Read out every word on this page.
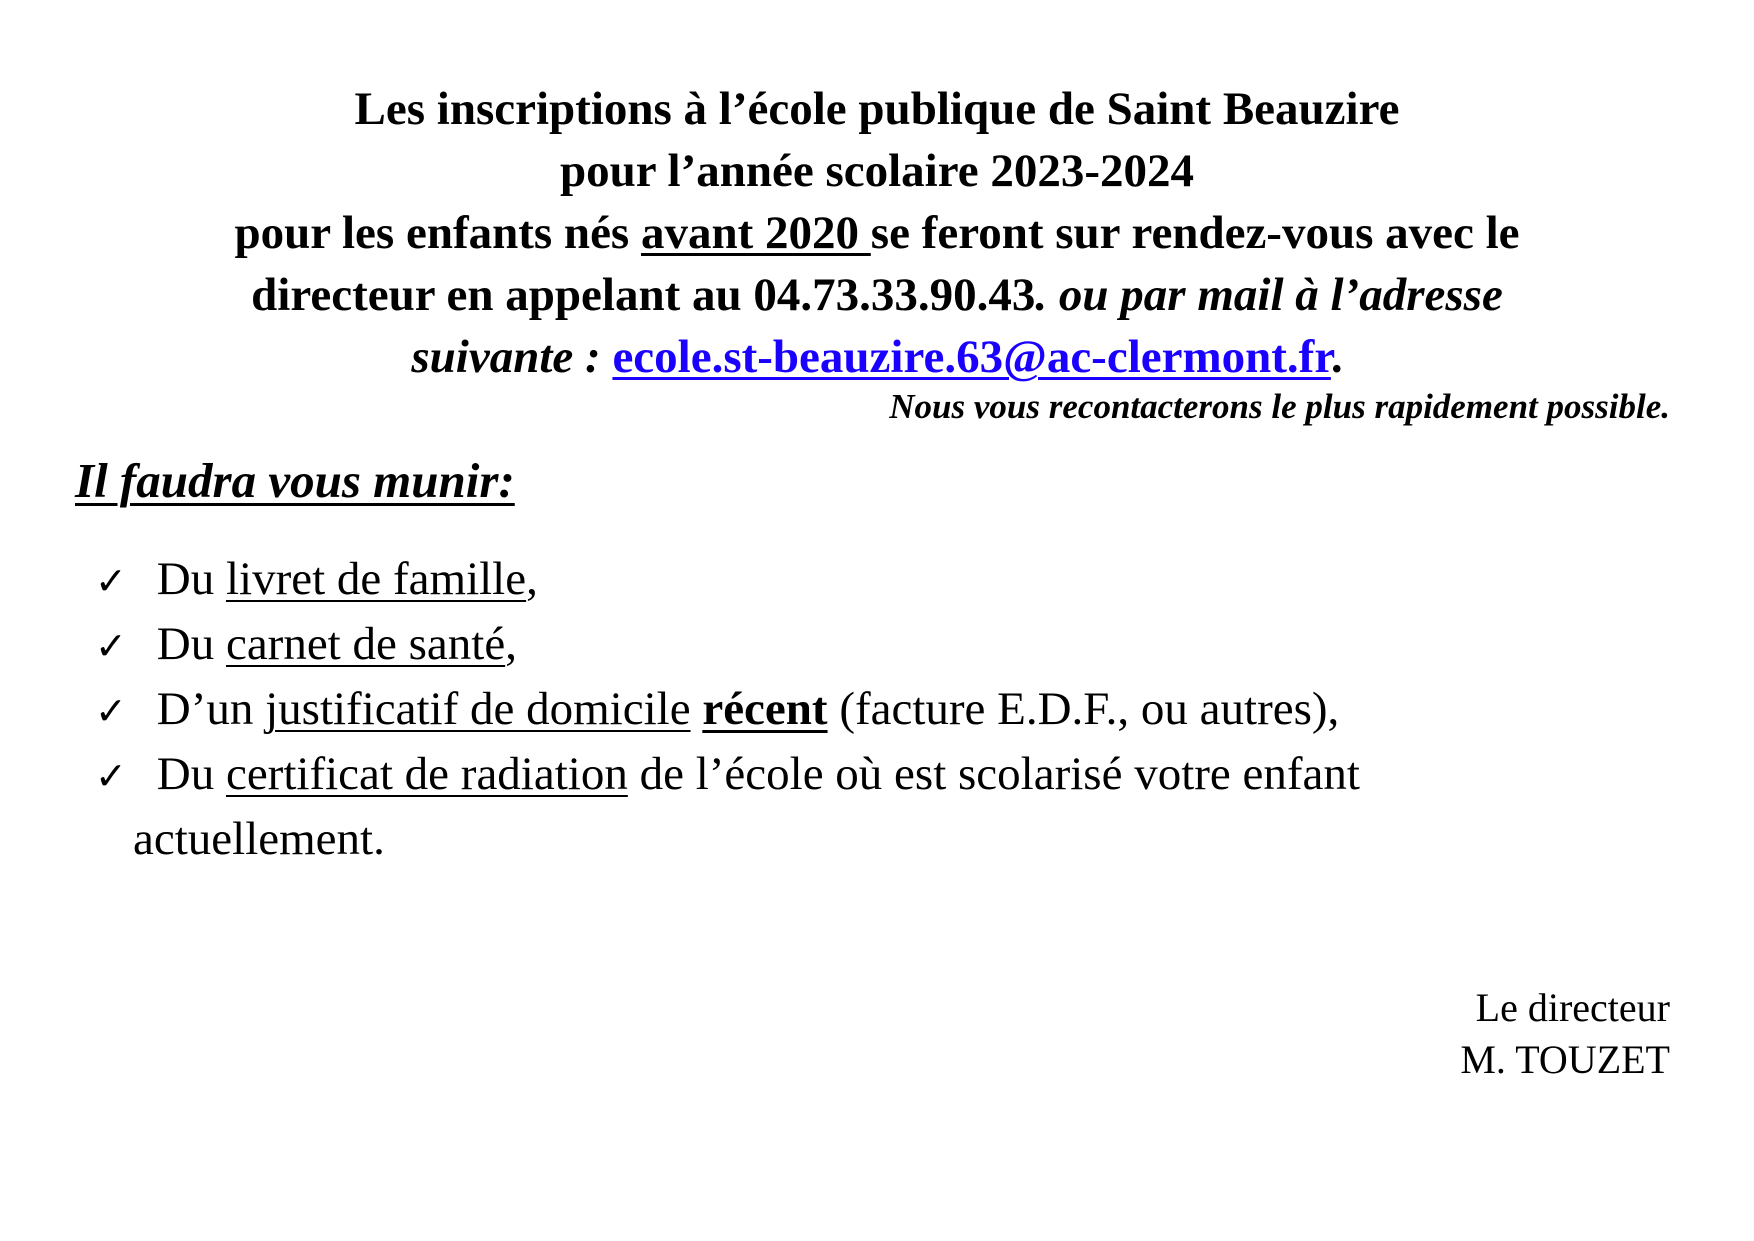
Les inscriptions à l’école publique de Saint Beauzire
pour l’année scolaire 2023-2024
pour les enfants nés avant 2020 se feront sur rendez-vous avec le
directeur en appelant au 04.73.33.90.43. ou par mail à l’adresse
suivante : ecole.st-beauzire.63@ac-clermont.fr.
Nous vous recontacterons le plus rapidement possible.
Il faudra vous munir:
✓ Du livret de famille,
✓ Du carnet de santé,
✓ D’un justificatif de domicile récent (facture E.D.F., ou autres),
✓ Du certificat de radiation de l’école où est scolarisé votre enfant
actuellement.
Le directeur
M. TOUZET
